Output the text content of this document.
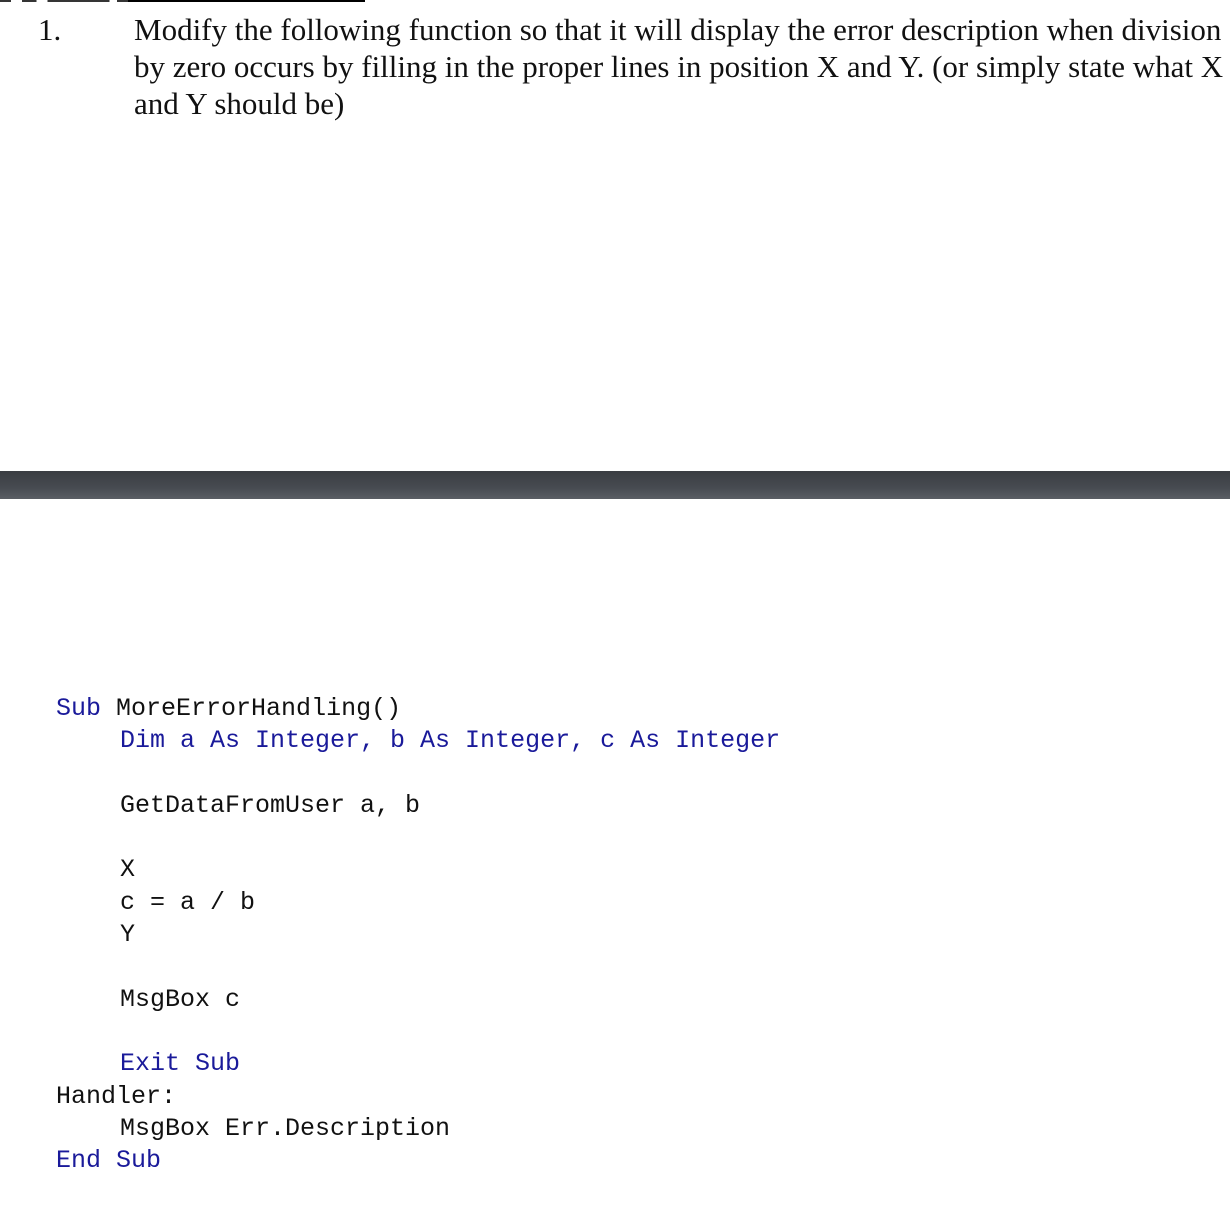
1. Modify the following function so that it will display the error description when division by zero occurs by filling in the proper lines in position X and Y. (or simply state what X and Y should be)
Sub MoreErrorHandling()
Dim a As Integer, b As Integer, c As Integer
GetDataFromUser a, b
X
c = a / b
Y
MsgBox c
Exit Sub
Handler:
MsgBox Err.Description
End Sub
